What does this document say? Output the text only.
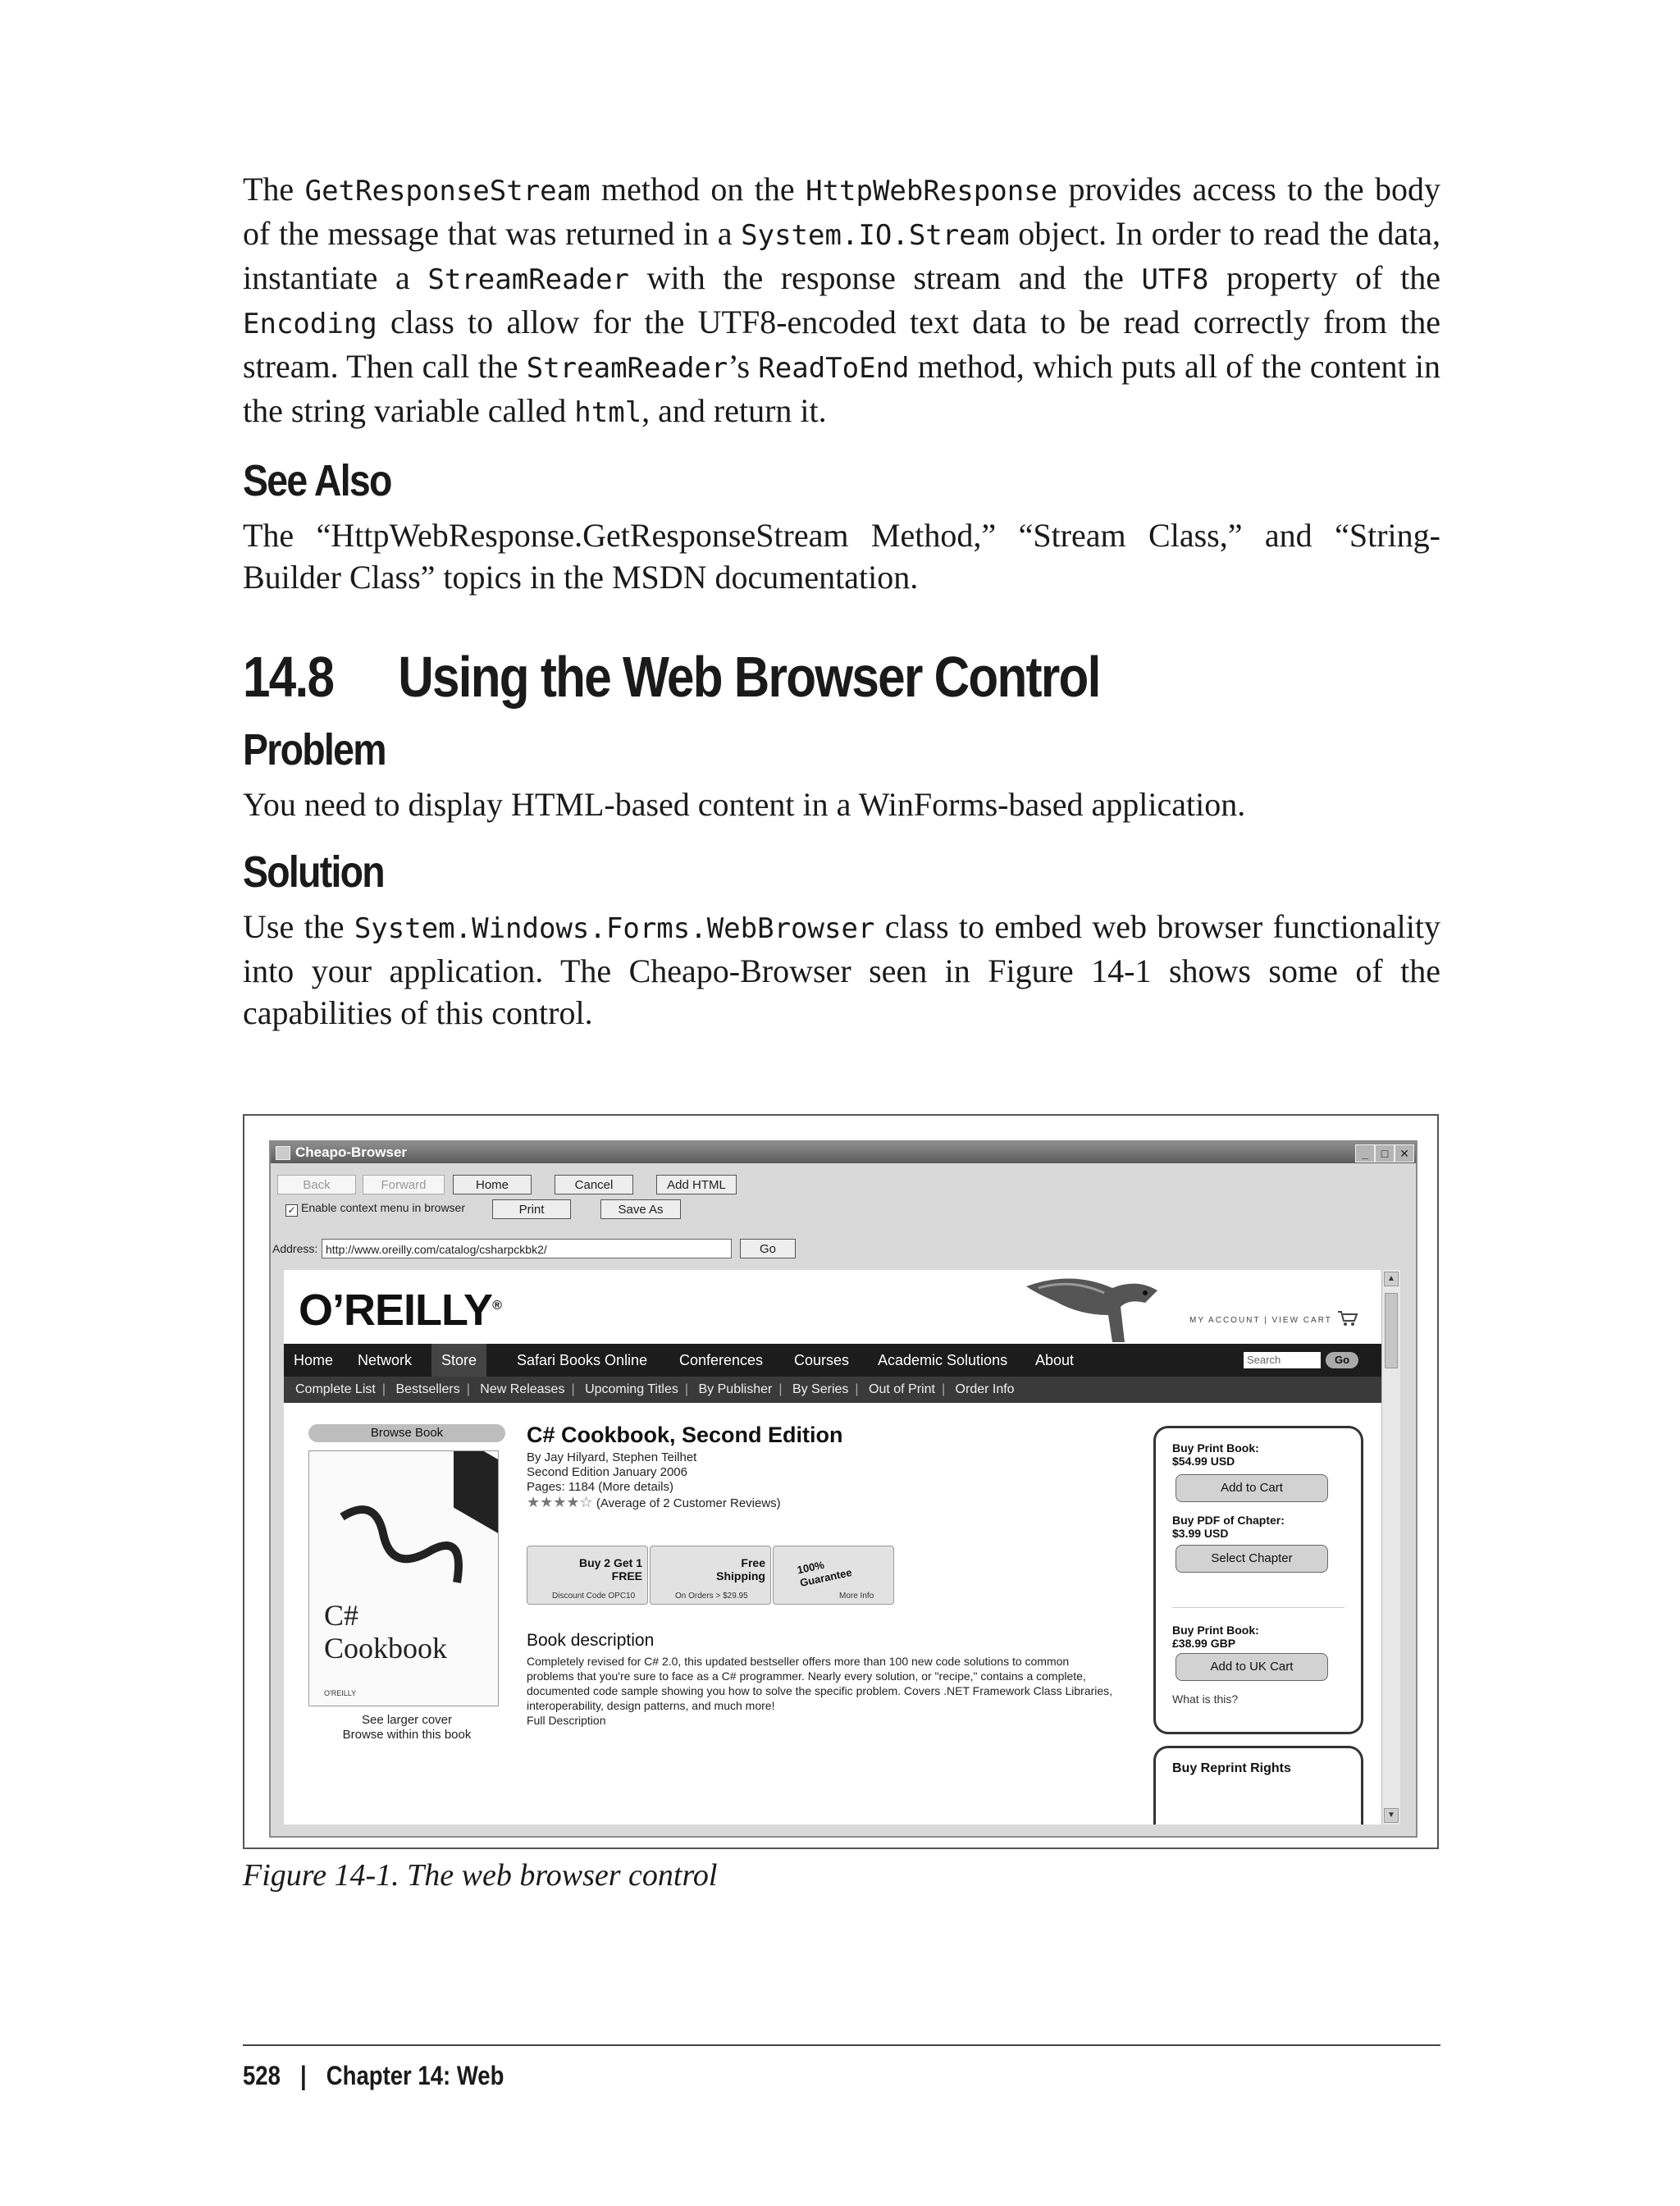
The GetResponseStream method on the HttpWebResponse provides access to the body of the message that was returned in a System.IO.Stream object. In order to read the data, instantiate a StreamReader with the response stream and the UTF8 property of the Encoding class to allow for the UTF8-encoded text data to be read correctly from the stream. Then call the StreamReader’s ReadToEnd method, which puts all of the content in the string variable called html, and return it.

See Also

The “HttpWebResponse.GetResponseStream Method,” “Stream Class,” and “String-Builder Class” topics in the MSDN documentation.

14.8 Using the Web Browser Control
Problem

You need to display HTML-based content in a WinForms-based application.

Solution

Use the System.Windows.Forms.WebBrowser class to embed web browser functionality into your application. The Cheapo-Browser seen in Figure 14-1 shows some of the capabilities of this control.

Cheapo-Browser	_	□ ✕
Back	Forward	Home	Cancel	Add HTML
✓ Enable context menu in browser	Print	Save As
Address: http://www.oreilly.com/catalog/csharpckbk2/	Go
O’REILLY®
MY ACCOUNT | VIEW CART
Home	Network	Store	Safari Books Online	Conferences	Courses	Academic Solutions	About	Search	Go
Complete List | Bestsellers | New Releases | Upcoming Titles | By Publisher | By Series | Out of Print | Order Info
Browse Book
C#
Cookbook
O'REILLY
See larger cover
Browse within this book
C# Cookbook, Second Edition
By Jay Hilyard, Stephen Teilhet
Second Edition January 2006
Pages: 1184 (More details)
★★★★☆ (Average of 2 Customer Reviews)
Buy 2 Get 1 FREE
Discount Code OPC10
Free Shipping
On Orders > $29.95
100% Guarantee
More Info
Book description
Completely revised for C# 2.0, this updated bestseller offers more than 100 new code solutions to common problems that you're sure to face as a C# programmer. Nearly every solution, or "recipe," contains a complete, documented code sample showing you how to solve the specific problem. Covers .NET Framework Class Libraries, interoperability, design patterns, and much more!
Full Description
Buy Print Book:
$54.99 USD
Add to Cart
Buy PDF of Chapter:
$3.99 USD
Select Chapter
Buy Print Book:
£38.99 GBP
Add to UK Cart
What is this?
Buy Reprint Rights
▲
▼
Figure 14-1. The web browser control
528 | Chapter 14: Web
